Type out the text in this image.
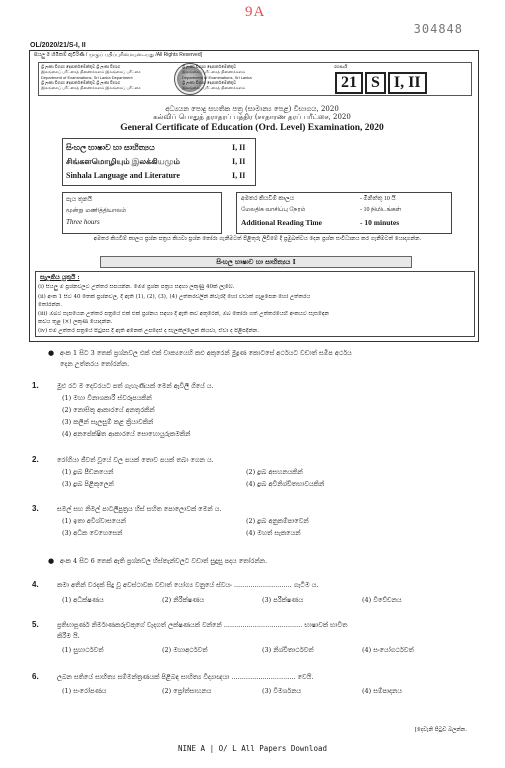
9A
304848
OL/2020/21/S-I, II
සියලු ම හිමිකම් ඇවිරිණි / முழுப் பதிப்புரிமையுடையது /All Rights Reserved]
ශ්‍රී ලංකා විභාග දෙපාර්තමේන්තුව ශ්‍රී ලංකා විභාග
இலங்கைப் பரீட்சைத் திணைக்களம் இலங்கைப் பரீட்சை
Department of Examinations, Sri Lanka Department
ශ්‍රී ලංකා විභාග දෙපාර්තමේන්තුව ශ්‍රී ලංකා විභාග
இலங்கைப் பரீட்சைத் திணைக்களம் இலங்கைப் பரீட்சை
ශ්‍රී ලංකා විභාග දෙපාර්තමේන්තුව
இலங்கைப் பரீட்சைத் திணைக்களம்
Department of Examinations, Sri Lanka
ශ්‍රී ලංකා විභාග දෙපාර්තමේන්තුව
இலங்கைப் பரீட்சைத் திணைக்களம்
රහස්‍යයි
21 S I, II
අධ්‍යයන පොදු සහතික පත්‍ර (සාමාන්‍ය පෙළ) විභාගය, 2020
கல்விப் பொதுத் தராதரப் பத்திர (சாதாரண தரப் பரீட்சை, 2020
General Certificate of Education (Ord. Level) Examination, 2020
සිංහල භාෂාව හා සාහිත්‍යය	I, II
சிங்களமொழியும் இலக்கியமும்	I, II
Sinhala Language and Literature	I, II
පැය තුනයි
மூன்று மணித்தியாலம்
Three hours
අමතර කියවීම් කාලය	- මිනිත්තු 10 යි
மேலதிக வாசிப்பு நேரம்	- 10 நிமிடங்கள்
Additional Reading Time	- 10 minutes
අමතර කියවීම් කාලය ප්‍රශ්න පත්‍රය කියවා ප්‍රශ්න තෝරා ගැනීමටත් පිළිතුරු ලිවීමේ දී ප්‍රමුඛත්වය දෙන ප්‍රශ්න සංවිධානය කර ගැනීමටත් යොදාගන්න.
සිංහල භාෂාව හා සාහිත්‍යය I
සැලකිය යුතුයි :
(i) සියලු ම ප්‍රශ්නවලට උත්තර සපයන්න. මෙම ප්‍රශ්න පත්‍රය සඳහා ලකුණු 40ක් ලැබේ.
(ii) අංක 1 සිට 40 තෙක් ප්‍රශ්නවල, දී ඇති (1), (2), (3), (4) උත්තරවලින් නිවැරදි හෝ වඩාත් ගැළපෙන හෝ උත්තරය
තෝරන්න.
(iii) ඔබට සැපයෙන උත්තර පත්‍රයේ එක් එක් ප්‍රශ්නය සඳහා දී ඇති කව අතුරෙන්, ඔබ තෝරා ගත් උත්තරයෙහි අංකයට සැසඳෙන
කවය තුළ (×) ලකුණ යොදන්න.
(iv) එම උත්තර පත්‍රයේ පිටුපස දී ඇති අනෙක් උපදෙස් ද සැලකිල්ලෙන් කියවා, ඒවා ද පිළිපදින්න.
● අංක 1 සිට 3 තෙක් ප්‍රශ්නවල එක් එක් වාක්‍යයෙහි කළු අකුරෙන් මුද්‍රණ කොටසේ අර්ථයට වඩාත් සමීප අර්ථය
දෙන උත්තරය තෝරන්න.
1.	මුළු රට ම දෙවරයට පත් ගැහැණියක් මෙන් ඇවිලී ගියේ ය.
(1) මහා විනාශකාරී ස්වරූපයකින්
(2) නොසිතූ ආකාරයේ අනතුරකින්
(3) කලින් සැලසුම් කළ ක්‍රියාවකින්
(4) අනපේක්ෂිත ආකාරයේ සොහොයුරුකමකින්
2.	රෝගියා ජීවත් වූයේ වල පයක් තොව පයක් තබා ගෙන ය.
(1) දුඃඛ පීඩනයෙන්	(2) දුඃඛ අසහනයකින්
(3) දුඃඛ පිළිකුලෙන්	(4) දුඃඛ අවිනිශ්චිතභාවයකින්
3.	සමල් සහ නිමල් පාටලීපුත්‍රය හිස් සහිත පොලොවක් මෙන් ය.
(1) ඉතා අවිශ්වාසයෙන්	(2) දුඃඛ අනුකම්පාවෙන්
(3) අධික වෙහෙසෙන්	(4) මහත් සැකයෙන්
● අංක 4 සිට 6 තෙක් ඇති ප්‍රශ්නවල හිස්තැන්වලට වඩාත් සුදුසු පදය තෝරන්න.
4.	කමා අතින් වරදක් සිදු වූ අවස්ථාවක වඩාත් යෝග්‍ය වනුයේ ස්වයං ............................ ගැටීම ය.
(1) අධීක්ෂණය	(2) නිරීක්ෂණය	(3) පරීක්ෂණය	(4) විවේචනය
5.	ප්‍රතිභාපූර්ණ නිර්මාණකරුවකුගේ වැදගත් ලක්ෂණයක් වන්නේ ...................................... භාෂාවක් භාවිත
කිරීම යි.
(1) සුහාර්ථවත්	(2) මහාඅර්ථවත්	(3) නිශ්චිතාර්ථවත්	(4) සංයෝගර්ථවත්
6.	ලබන සතියේ සාහිත්‍ය සම්මන්ත්‍රණයක් පිළිබඳ සාහිත්‍ය විද්‍යාඥයා ............................... වෙයි.
(1) සංරෝපණය	(2) ප්‍රෝත්සාහනය	(3) විමර්ශනය	(4) සම්පාදනය
[දෙවැනි පිටුව බලන්න.
NINE A | O/ L All Papers Download
